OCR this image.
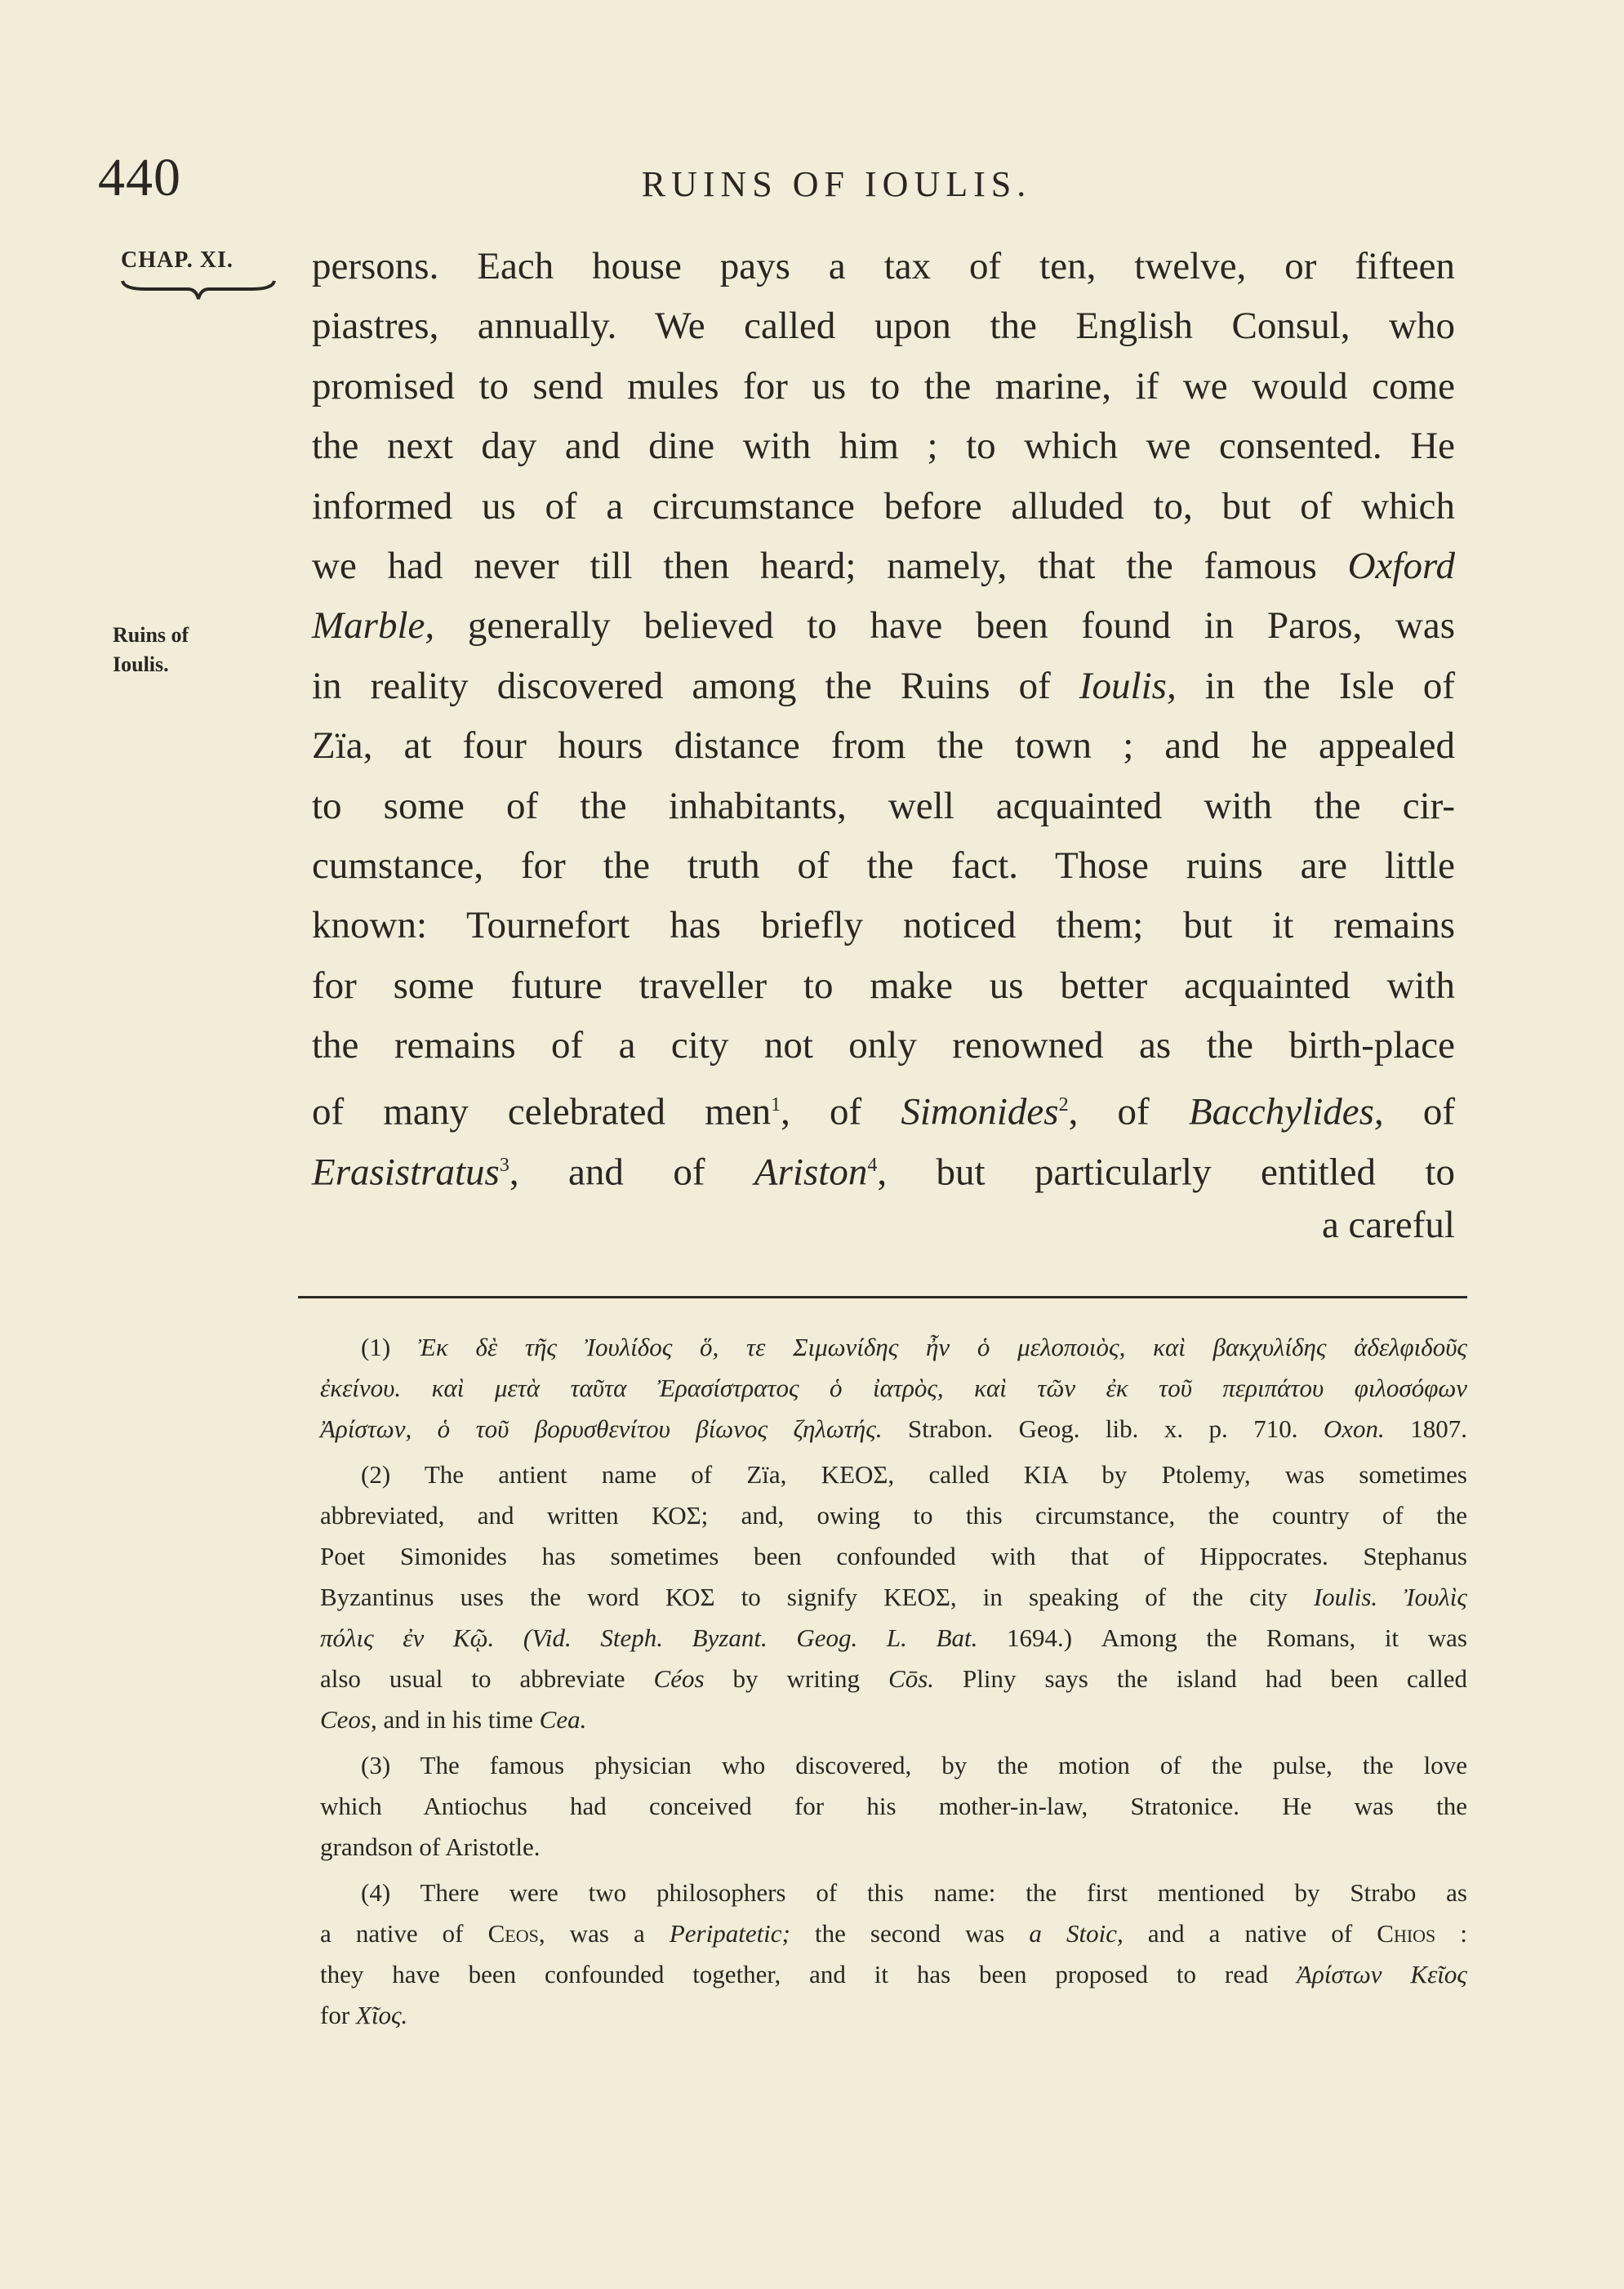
440	RUINS OF IOULIS.
CHAP. XI.
Ruins of
Ioulis.
persons. Each house pays a tax of ten, twelve, or fifteen
piastres, annually. We called upon the English Consul, who
promised to send mules for us to the marine, if we would come
the next day and dine with him ; to which we consented. He
informed us of a circumstance before alluded to, but of which
we had never till then heard; namely, that the famous Oxford
Marble, generally believed to have been found in Paros, was
in reality discovered among the Ruins of Ioulis, in the Isle of
Zïa, at four hours distance from the town ; and he appealed
to some of the inhabitants, well acquainted with the cir-
cumstance, for the truth of the fact. Those ruins are little
known: Tournefort has briefly noticed them; but it remains
for some future traveller to make us better acquainted with
the remains of a city not only renowned as the birth-place
of many celebrated men$^1$, of Simonides$^2$, of Bacchylides, of
Erasistratus$^3$, and of Ariston$^4$, but particularly entitled to
a careful
(1) Ἐκ δὲ τῆς Ἰουλίδος ὅ, τε Σιμωνίδης ἦν ὁ μελοποιὸς, καὶ βακχυλίδης ἀδελφιδοῦς
ἐκείνου. καὶ μετὰ ταῦτα Ἐρασίστρατος ὁ ἰατρὸς, καὶ τῶν ἐκ τοῦ περιπάτου φιλοσόφων
Ἀρίστων, ὁ τοῦ βορυσθενίτου βίωνος ζηλωτής. Strabon. Geog. lib. x. p. 710. Oxon. 1807.
(2) The antient name of Zïa, ΚΕΟΣ, called ΚΙΑ by Ptolemy, was sometimes
abbreviated, and written ΚΟΣ; and, owing to this circumstance, the country of the
Poet Simonides has sometimes been confounded with that of Hippocrates. Stephanus
Byzantinus uses the word ΚΟΣ to signify ΚΕΟΣ, in speaking of the city Ioulis. Ἰουλὶς
πόλις ἐν Κῷ. (Vid. Steph. Byzant. Geog. L. Bat. 1694.) Among the Romans, it was
also usual to abbreviate Céos by writing Cōs. Pliny says the island had been called
Ceos, and in his time Cea.
(3) The famous physician who discovered, by the motion of the pulse, the love
which Antiochus had conceived for his mother-in-law, Stratonice. He was the
grandson of Aristotle.
(4) There were two philosophers of this name: the first mentioned by Strabo as
a native of Ceos, was a Peripatetic; the second was a Stoic, and a native of Chios :
they have been confounded together, and it has been proposed to read Ἀρίστων Κεῖος
for Χῖος.
